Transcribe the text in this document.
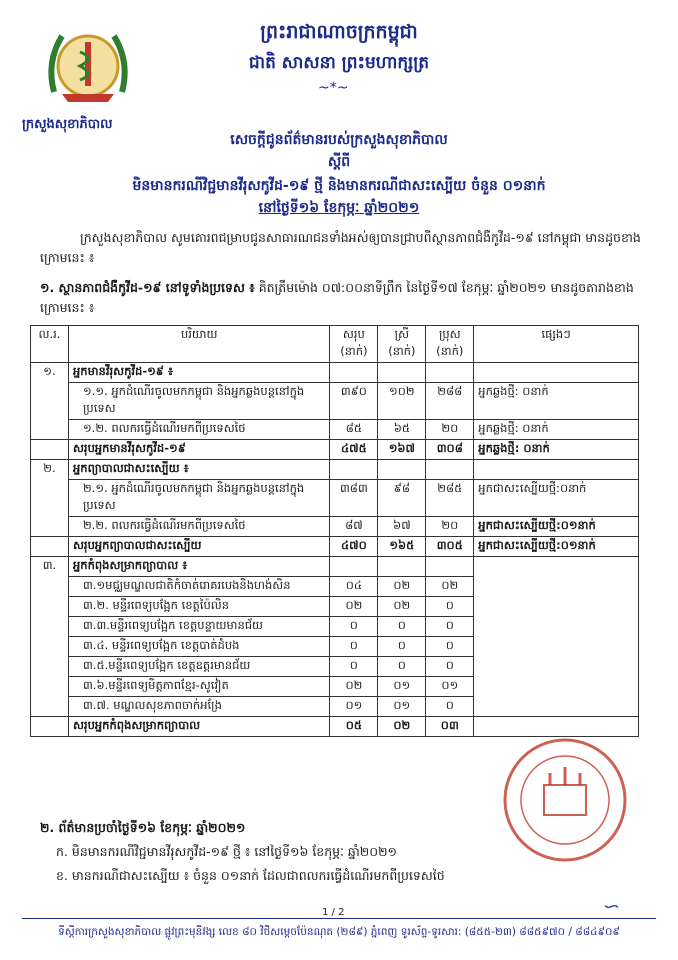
ក្រសួងសុខាភិបាល
ព្រះរាជាណាចក្រកម្ពុជា
ជាតិ សាសនា ព្រះមហាក្សត្រ
~*~
សេចក្តីជូនព័ត៌មានរបស់ក្រសួងសុខាភិបាល
ស្តីពី
មិនមានករណីវិជ្ជមានវីរុសកូវីដ-១៩ ថ្មី និងមានករណីជាសះស្បើយ ចំនួន ០១នាក់
នៅថ្ងៃទី១៦ ខែកុម្ភៈ ឆ្នាំ២០២១
ក្រសួងសុខាភិបាល សូមគោរពជម្រាបជូនសាធារណជនទាំងអស់ឲ្យបានជ្រាបពីស្ថានភាពជំងឺកូវីដ-១៩ នៅកម្ពុជា មានដូចខាងក្រោមនេះ ៖
១. ស្ថានភាពជំងឺកូវីដ-១៩ នៅទូទាំងប្រទេស ៖ គិតត្រឹមម៉ោង ០៧:០០នាទីព្រឹក នៃថ្ងៃទី១៧ ខែកុម្ភៈ ឆ្នាំ២០២១ មានដូចតារាងខាងក្រោមនេះ ៖
ល.រ.	បរិយាយ	សរុប (នាក់)	ស្រី (នាក់)	ប្រុស (នាក់)	ផ្សេងៗ
១.	អ្នកមានវីរុសកូវីដ-១៩ ៖				
	១.១. អ្នកដំណើរចូលមកកម្ពុជា និងអ្នកឆ្លងបន្តនៅក្នុងប្រទេស	៣៩០	១០២	២៨៨	អ្នកឆ្លងថ្មី: ០នាក់
	១.២. ពលករធ្វើដំណើរមកពីប្រទេសថៃ	៨៥	៦៥	២០	អ្នកឆ្លងថ្មី: ០នាក់
	សរុបអ្នកមានវីរុសកូវីដ-១៩	៤៧៥	១៦៧	៣០៨	អ្នកឆ្លងថ្មី: ០នាក់
២.	អ្នកព្យាបាលជាសះស្បើយ ៖				
	២.១. អ្នកដំណើរចូលមកកម្ពុជា និងអ្នកឆ្លងបន្តនៅក្នុងប្រទេស	៣៨៣	៩៨	២៨៥	អ្នកជាសះស្បើយថ្មី:០នាក់
	២.២. ពលករធ្វើដំណើរមកពីប្រទេសថៃ	៨៧	៦៧	២០	អ្នកជាសះស្បើយថ្មី:០១នាក់
	សរុបអ្នកព្យាបាលជាសះស្បើយ	៤៧០	១៦៥	៣០៥	អ្នកជាសះស្បើយថ្មី:០១នាក់
៣.	អ្នកកំពុងសម្រាកព្យាបាល ៖				
	៣.១មជ្ឈមណ្ឌលជាតិកំចាត់រោគរបេងនិងហង់សិន	០៤	០២	០២	
	៣.២. មន្ទីរពេទ្យបង្អែក ខេត្តប៉ៃលិន	០២	០២	០	
	៣.៣.មន្ទីរពេទ្យបង្អែក ខេត្តបន្ទាយមានជ័យ	០	០	០	
	៣.៤. មន្ទីរពេទ្យបង្អែក ខេត្តបាត់ដំបង	០	០	០	
	៣.៥.មន្ទីរពេទ្យបង្អែក ខេត្តឧត្តរមានជ័យ	០	០	០	
	៣.៦.មន្ទីរពេទ្យមិត្តភាពខ្មែរ-សូវៀត	០២	០១	០១	
	៣.៧. មណ្ឌលសុខភាពចាក់អង្រែ	០១	០១	០	
	សរុបអ្នកកំពុងសម្រាកព្យាបាល	០៥	០២	០៣	
២. ព័ត៌មានប្រចាំថ្ងៃទី១៦ ខែកុម្ភៈ ឆ្នាំ២០២១
ក. មិនមានករណីវិជ្ជមានវីរុសកូវីដ-១៩ ថ្មី ៖ នៅថ្ងៃទី១៦ ខែកុម្ភៈ ឆ្នាំ២០២១
ខ. មានករណីជាសះស្បើយ ៖ ចំនួន ០១នាក់ ដែលជាពលករធ្វើដំណើរមកពីប្រទេសថៃ
ᯈ
1 / 2
ទីស្តីការក្រសួងសុខាភិបាល ផ្លូវព្រះមុនីវង្ស លេខ ៨០ វិថីសម្តេចប៉ែនណុត (២៨៩) ភ្នំពេញ ទូរស័ព្ទ-ទូរសារ: (៨៥៥-២៣) ៨៨៥៩៧០ / ៨៨៤៩០៩
